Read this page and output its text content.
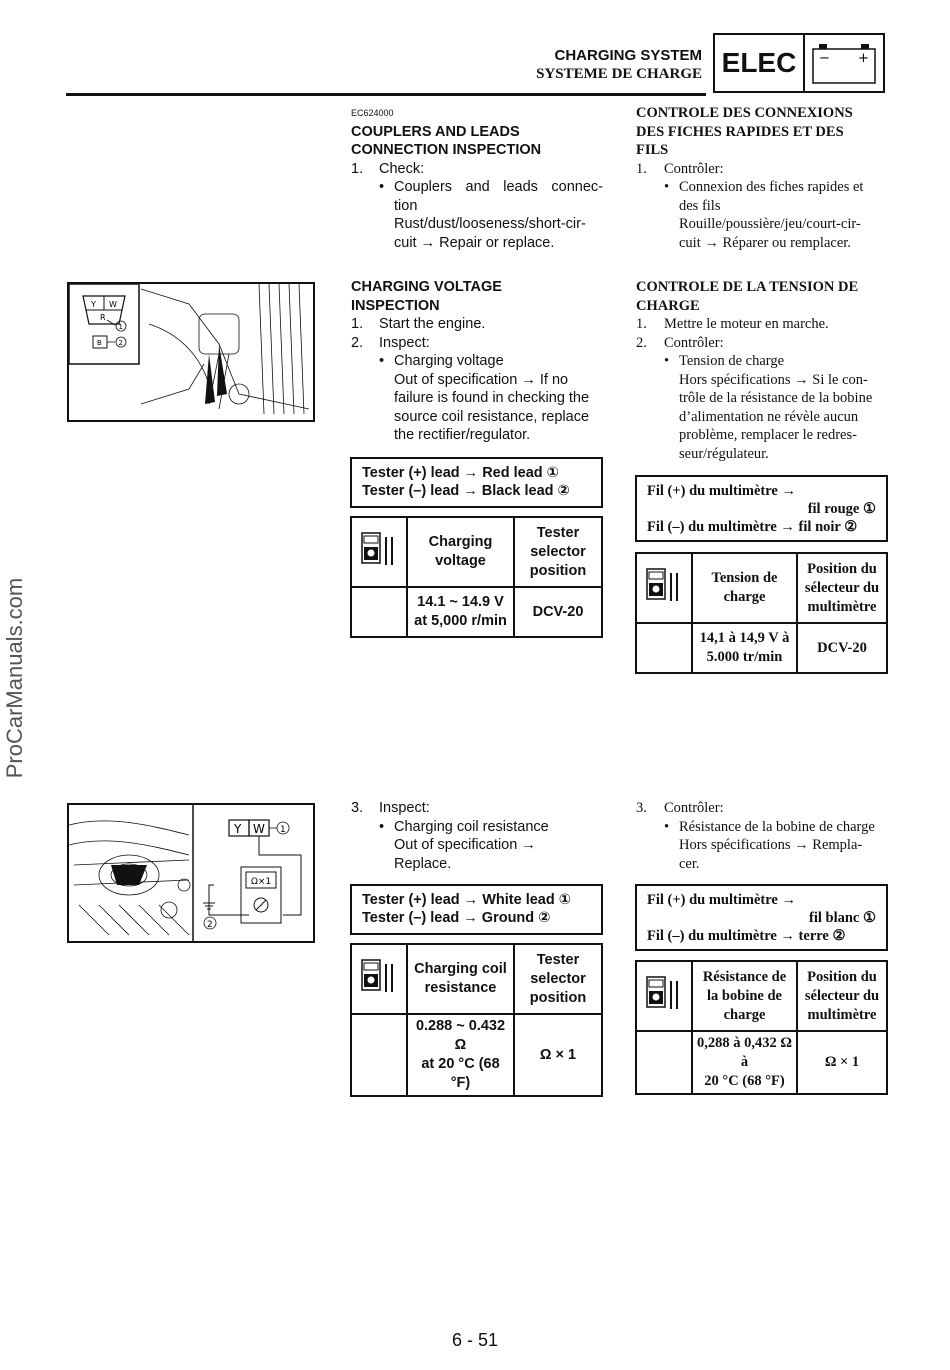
CHARGING SYSTEM
SYSTEME DE CHARGE ELEC	− +
ProCarManuals.com
EC624000
COUPLERS AND LEADS
CONNECTION INSPECTION
1.	Check:
• Couplers and leads connec-
tion
Rust/dust/looseness/short-cir-
cuit → Repair or replace.
CONTROLE DES CONNEXIONS
DES FICHES RAPIDES ET DES
FILS
1.	Contrôler:
• Connexion des fiches rapides et
des fils
Rouille/poussière/jeu/court-cir-
cuit → Réparer ou remplacer.
Y W
R
1
B 2
CHARGING VOLTAGE
INSPECTION
1.	Start the engine.
2.	Inspect:
• Charging voltage
Out of specification → If no
failure is found in checking the
source coil resistance, replace
the rectifier/regulator.
Tester (+) lead → Red lead ①
Tester (–) lead → Black lead ②
	Charging voltage	Tester selector position
	14.1 ~ 14.9 V
at 5,000 r/min	DCV-20
CONTROLE DE LA TENSION DE
CHARGE
1.	Mettre le moteur en marche.
2.	Contrôler:
• Tension de charge
Hors spécifications → Si le con-
trôle de la résistance de la bobine
d’alimentation ne révèle aucun
problème, remplacer le redres-
seur/régulateur.
Fil (+) du multimètre →
fil rouge ①
Fil (–) du multimètre → fil noir ②
	Tension de charge	Position du sélecteur du multimètre
	14,1 à 14,9 V à
5.000 tr/min	DCV-20
Y W 1
Ω×1
2
3.	Inspect:
• Charging coil resistance
Out of specification →
Replace.
Tester (+) lead → White lead ①
Tester (–) lead → Ground ②
	Charging coil resistance	Tester selector position
	0.288 ~ 0.432 Ω
at 20 °C (68 °F)	Ω × 1
3.	Contrôler:
• Résistance de la bobine de charge
Hors spécifications → Rempla-
cer.
Fil (+) du multimètre →
fil blanc ①
Fil (–) du multimètre → terre ②
	Résistance de la bobine de charge	Position du sélecteur du multimètre
	0,288 à 0,432 Ω à
20 °C (68 °F)	Ω × 1
6 - 51
